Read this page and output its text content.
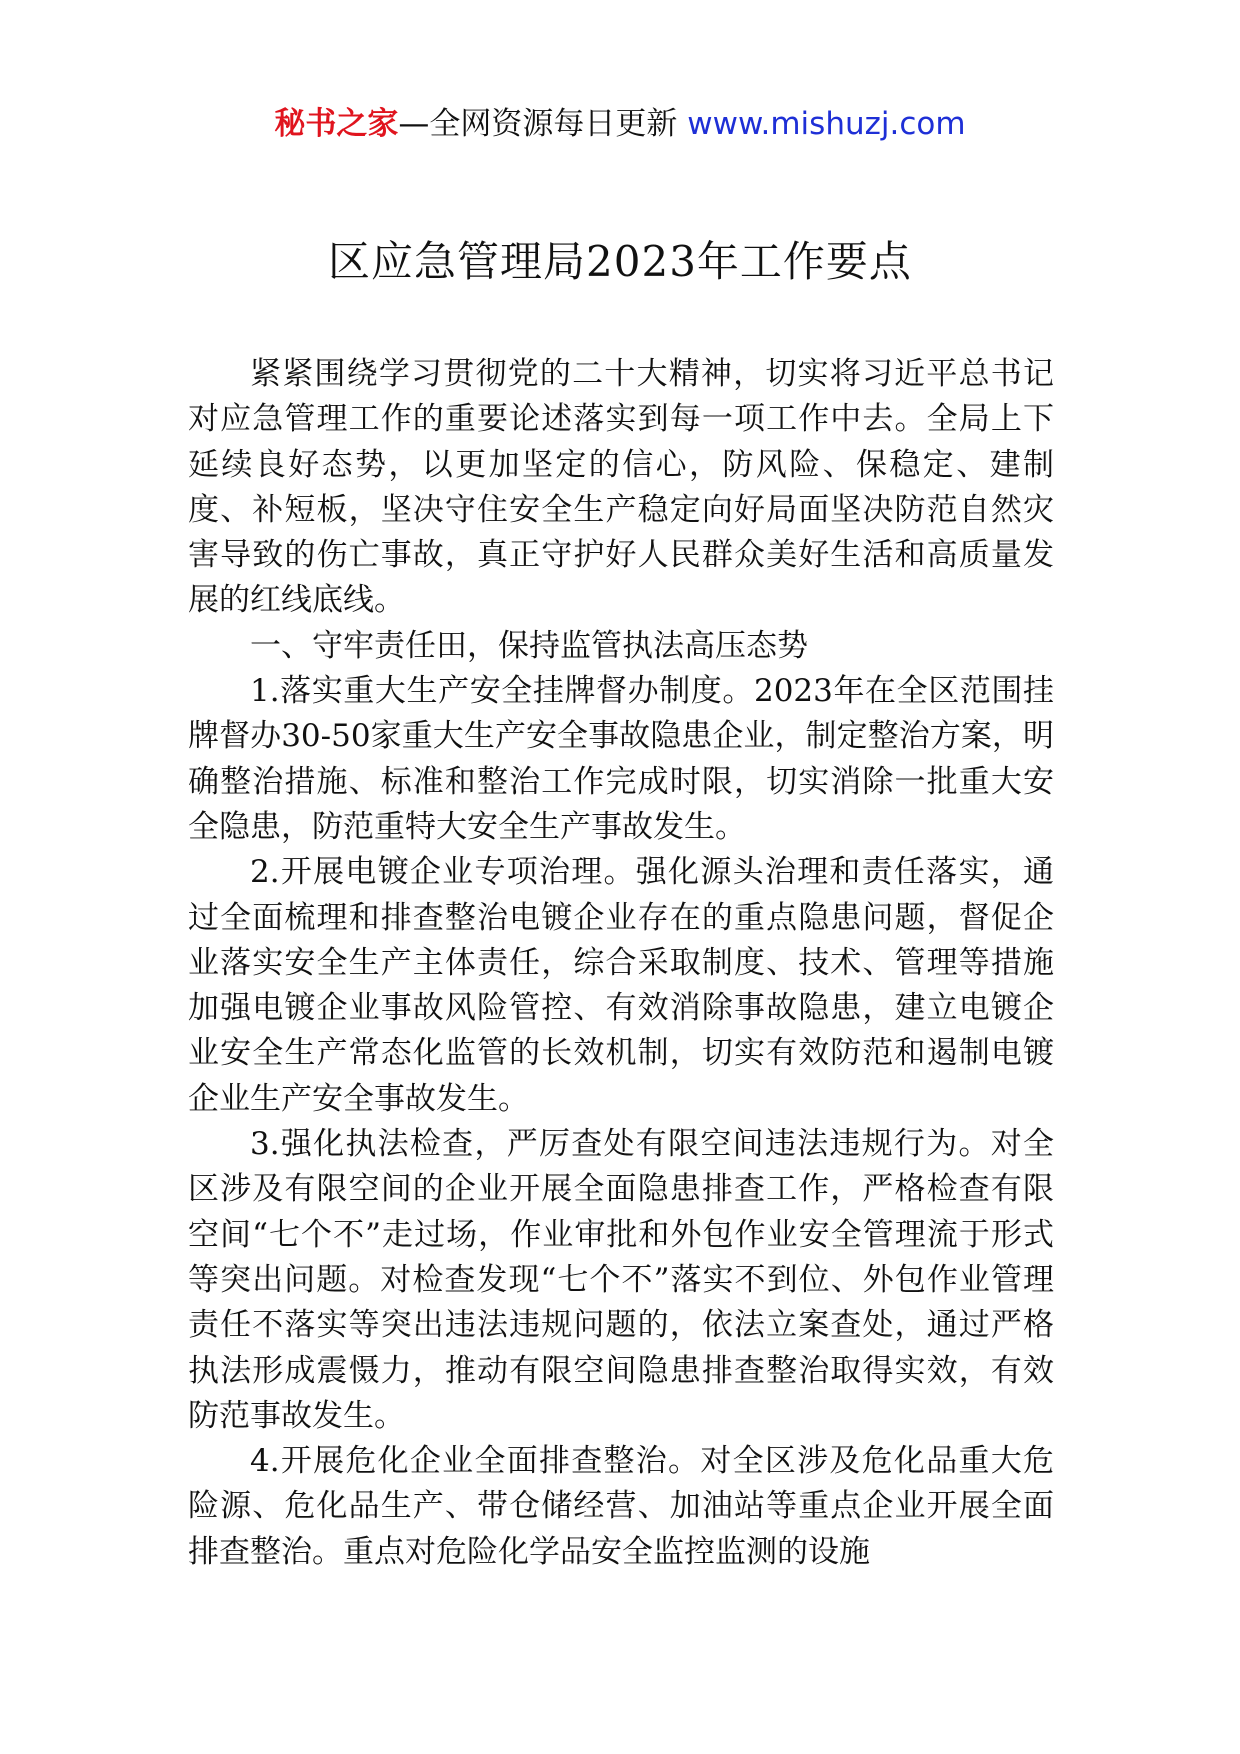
秘书之家—全网资源每日更新 www.mishuzj.com
区应急管理局2023年工作要点

紧紧围绕学习贯彻党的二十大精神，切实将习近平总书记对应急管理工作的重要论述落实到每一项工作中去。全局上下延续良好态势，以更加坚定的信心，防风险、保稳定、建制度、补短板，坚决守住安全生产稳定向好局面坚决防范自然灾害导致的伤亡事故，真正守护好人民群众美好生活和高质量发展的红线底线。

一、守牢责任田，保持监管执法高压态势

1.落实重大生产安全挂牌督办制度。2023年在全区范围挂牌督办30-50家重大生产安全事故隐患企业，制定整治方案，明确整治措施、标准和整治工作完成时限，切实消除一批重大安全隐患，防范重特大安全生产事故发生。

2.开展电镀企业专项治理。强化源头治理和责任落实，通过全面梳理和排查整治电镀企业存在的重点隐患问题，督促企业落实安全生产主体责任，综合采取制度、技术、管理等措施加强电镀企业事故风险管控、有效消除事故隐患，建立电镀企业安全生产常态化监管的长效机制，切实有效防范和遏制电镀企业生产安全事故发生。

3.强化执法检查，严厉查处有限空间违法违规行为。对全区涉及有限空间的企业开展全面隐患排查工作，严格检查有限空间“七个不”走过场，作业审批和外包作业安全管理流于形式等突出问题。对检查发现“七个不”落实不到位、外包作业管理责任不落实等突出违法违规问题的，依法立案查处，通过严格执法形成震慑力，推动有限空间隐患排查整治取得实效，有效防范事故发生。

4.开展危化企业全面排查整治。对全区涉及危化品重大危险源、危化品生产、带仓储经营、加油站等重点企业开展全面排查整治。重点对危险化学品安全监控监测的设施
